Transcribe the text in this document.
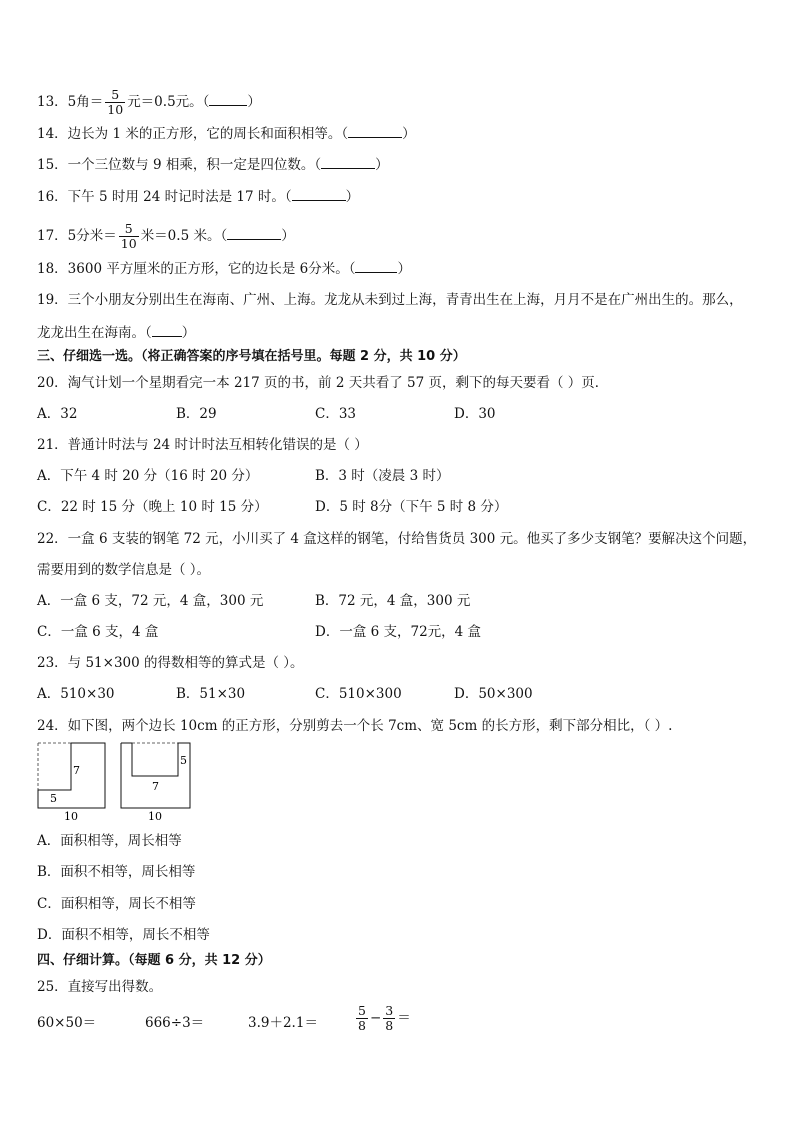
13．5角＝ $\frac{5}{10}$ 元＝0.5元。（	）
14．边长为 1 米的正方形，它的周长和面积相等。（	）
15．一个三位数与 9 相乘，积一定是四位数。（	）
16．下午 5 时用 24 时记时法是 17 时。（	）
17．5分米＝ $\frac{5}{10}$ 米＝0.5 米。（	）
18．3600 平方厘米的正方形，它的边长是 6分米。（	）
19．三个小朋友分别出生在海南、广州、上海。龙龙从未到过上海，青青出生在上海，月月不是在广州出生的。那么，
龙龙出生在海南。（ ）
三、仔细选一选。（将正确答案的序号填在括号里。每题 2 分，共 10 分）
20．淘气计划一个星期看完一本 217 页的书，前 2 天共看了 57 页，剩下的每天要看（ ）页．
A．32	B．29	C．33	D．30
21．普通计时法与 24 时计时法互相转化错误的是（ ）
A．下午 4 时 20 分（16 时 20 分）	B．3 时（凌晨 3 时）
C．22 时 15 分（晚上 10 时 15 分）	D．5 时 8分（下午 5 时 8 分）
22．一盒 6 支装的钢笔 72 元，小川买了 4 盒这样的钢笔，付给售货员 300 元。他买了多少支钢笔？要解决这个问题，
需要用到的数学信息是（ ）。
A．一盒 6 支，72 元，4 盒，300 元	B．72 元，4 盒，300 元
C．一盒 6 支，4 盒	D．一盒 6 支，72元，4 盒
23．与 51×300 的得数相等的算式是（ ）。
A．510×30	B．51×30	C．510×300	D．50×300
24．如下图，两个边长 10cm 的正方形，分别剪去一个长 7cm、宽 5cm 的长方形，剩下部分相比，（ ）.
7
5
10
5
7
10
A．面积相等，周长相等
B．面积不相等，周长相等
C．面积相等，周长不相等
D．面积不相等，周长不相等
四、仔细计算。（每题 6 分，共 12 分）
25．直接写出得数。
60×50＝	666÷3＝	3.9＋2.1＝	$\frac{5}{8} - \frac{3}{8}$ ＝
